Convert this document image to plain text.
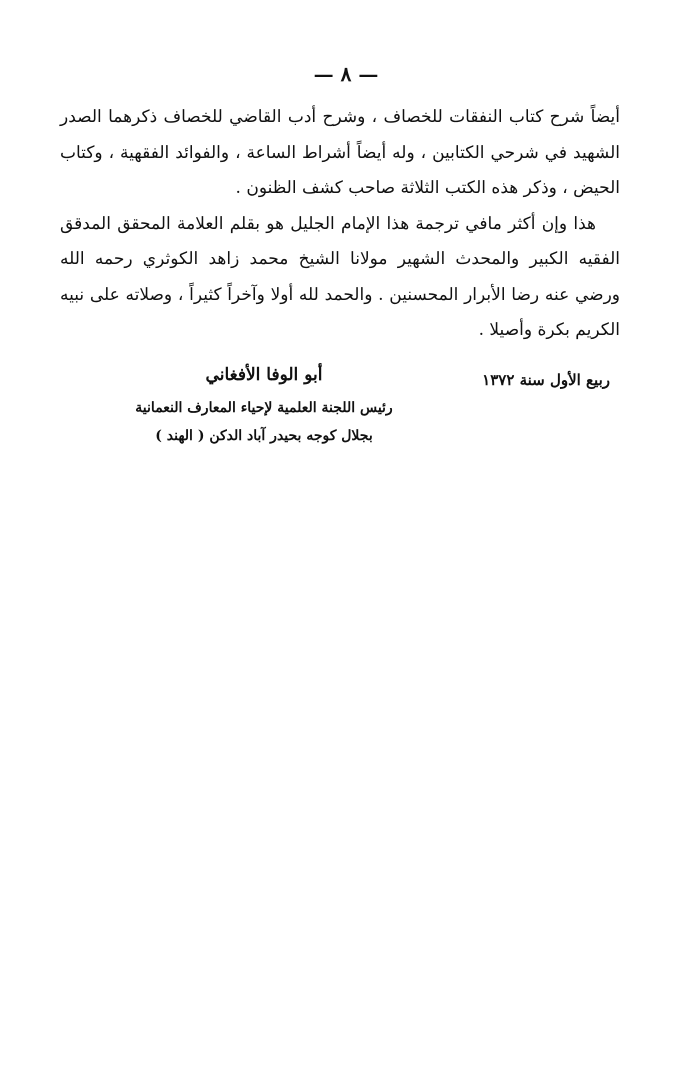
— ٨ —

أيضاً شرح كتاب النفقات للخصاف ، وشرح أدب القاضي للخصاف ذكرهما الصدر الشهيد في شرحي الكتابين ، وله أيضاً أشراط الساعة ، والفوائد الفقهية ، وكتاب الحيض ، وذكر هذه الكتب الثلاثة صاحب كشف الظنون .

هذا وإن أكثر مافي ترجمة هذا الإمام الجليل هو بقلم العلامة المحقق المدقق الفقيه الكبير والمحدث الشهير مولانا الشيخ محمد زاهد الكوثري رحمه الله ورضي عنه رضا الأبرار المحسنين . والحمد لله أولا وآخراً كثيراً ، وصلاته على نبيه الكريم بكرة وأصيلا .

أبو الوفا الأفغاني
رئيس اللجنة العلمية لإحياء المعارف النعمانية
بجلال كوجه بحيدر آباد الدكن ( الهند )
ربيع الأول سنة ١٣٧٢
